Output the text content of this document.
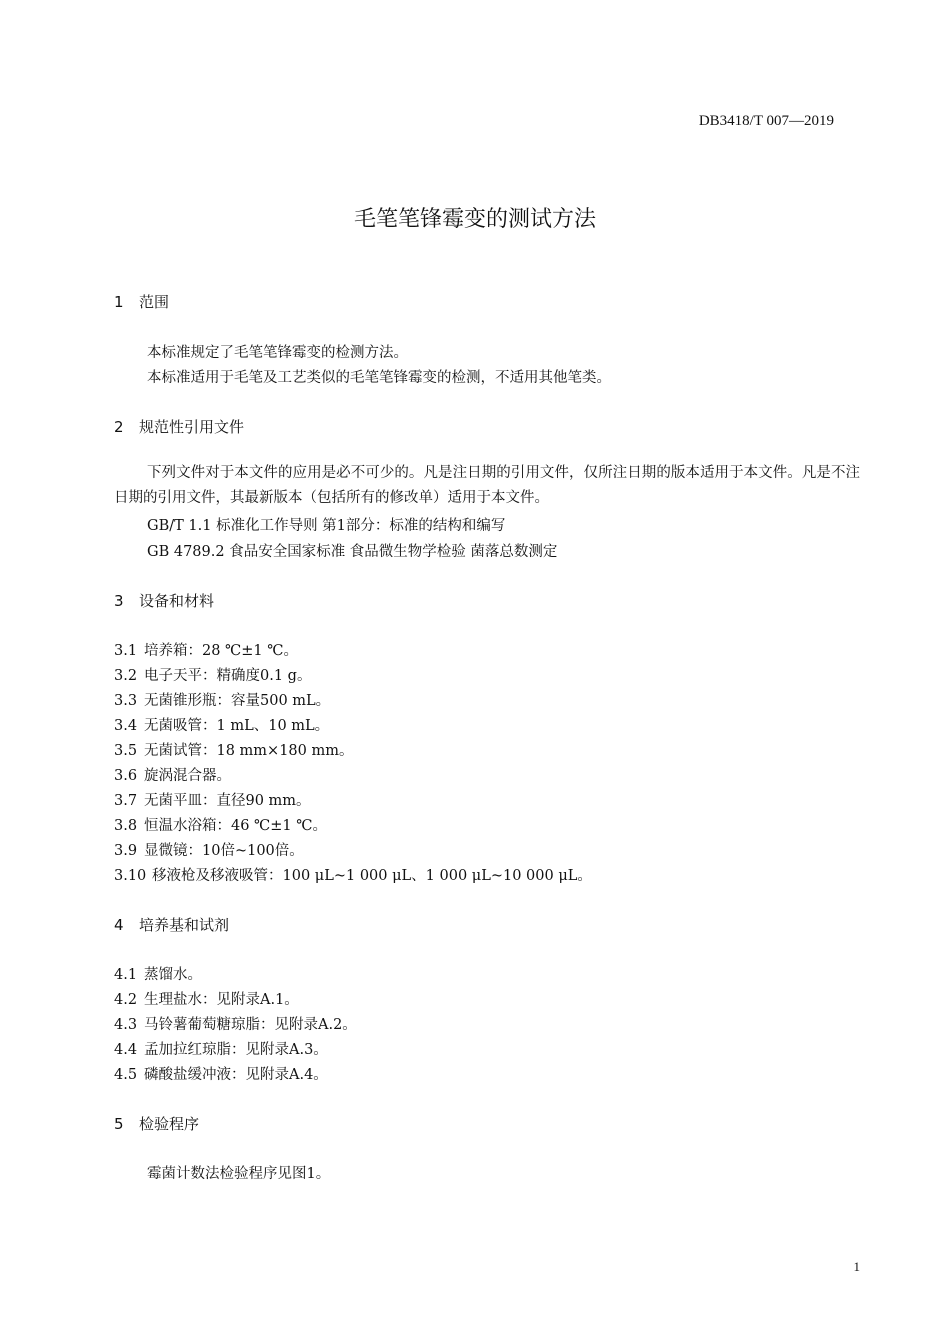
DB3418/T 007—2019
毛笔笔锋霉变的测试方法
1 范围
本标准规定了毛笔笔锋霉变的检测方法。
本标准适用于毛笔及工艺类似的毛笔笔锋霉变的检测，不适用其他笔类。
2 规范性引用文件
下列文件对于本文件的应用是必不可少的。凡是注日期的引用文件，仅所注日期的版本适用于本文件。凡是不注日期的引用文件，其最新版本（包括所有的修改单）适用于本文件。
GB/T 1.1 标准化工作导则 第1部分：标准的结构和编写
GB 4789.2 食品安全国家标准 食品微生物学检验 菌落总数测定
3 设备和材料
3.1 培养箱：28 ℃±1 ℃。
3.2 电子天平：精确度0.1 g。
3.3 无菌锥形瓶：容量500 mL。
3.4 无菌吸管：1 mL、10 mL。
3.5 无菌试管：18 mm×180 mm。
3.6 旋涡混合器。
3.7 无菌平皿：直径90 mm。
3.8 恒温水浴箱：46 ℃±1 ℃。
3.9 显微镜：10倍~100倍。
3.10 移液枪及移液吸管：100 μL~1 000 μL、1 000 μL~10 000 μL。
4 培养基和试剂
4.1 蒸馏水。
4.2 生理盐水：见附录A.1。
4.3 马铃薯葡萄糖琼脂：见附录A.2。
4.4 孟加拉红琼脂：见附录A.3。
4.5 磷酸盐缓冲液：见附录A.4。
5 检验程序
霉菌计数法检验程序见图1。
1
